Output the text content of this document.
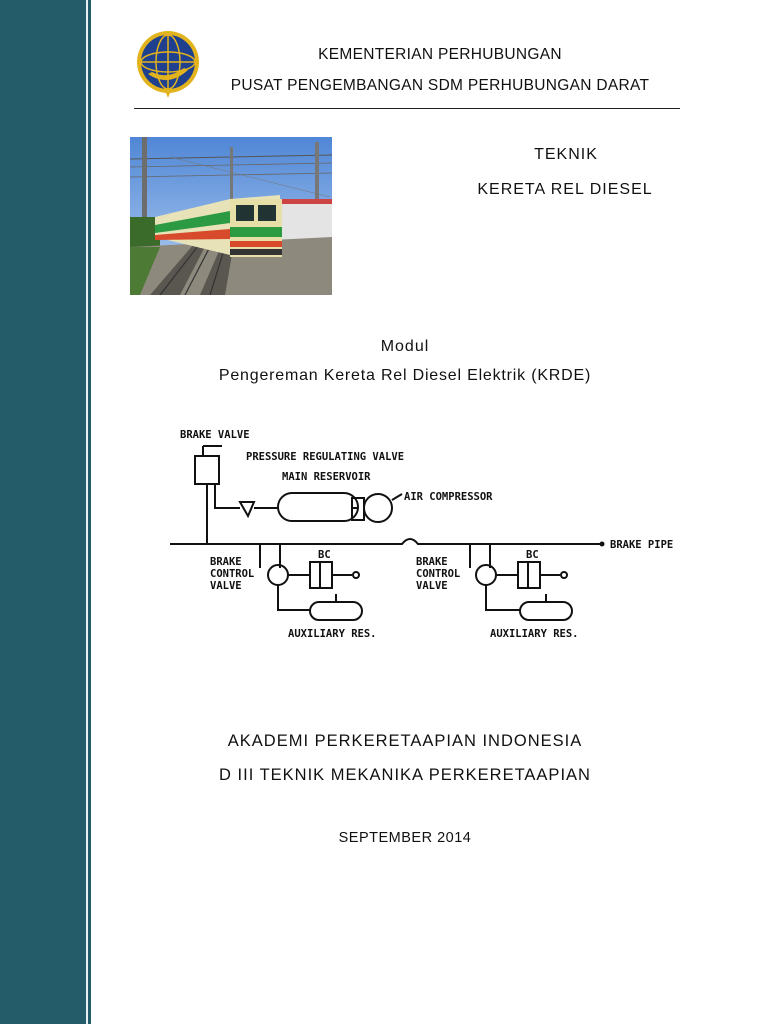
KEMENTERIAN PERHUBUNGAN
PUSAT PENGEMBANGAN SDM PERHUBUNGAN DARAT
TEKNIK
KERETA REL DIESEL
Modul
Pengereman Kereta Rel Diesel Elektrik (KRDE)
BRAKE VALVE
PRESSURE REGULATING VALVE
MAIN RESERVOIR
AIR COMPRESSOR
BRAKE PIPE
BRAKE
CONTROL
VALVE
BC
AUXILIARY RES.
BRAKE
CONTROL
VALVE
BC
AUXILIARY RES.
AKADEMI PERKERETAAPIAN INDONESIA
D III TEKNIK MEKANIKA PERKERETAAPIAN
SEPTEMBER 2014
